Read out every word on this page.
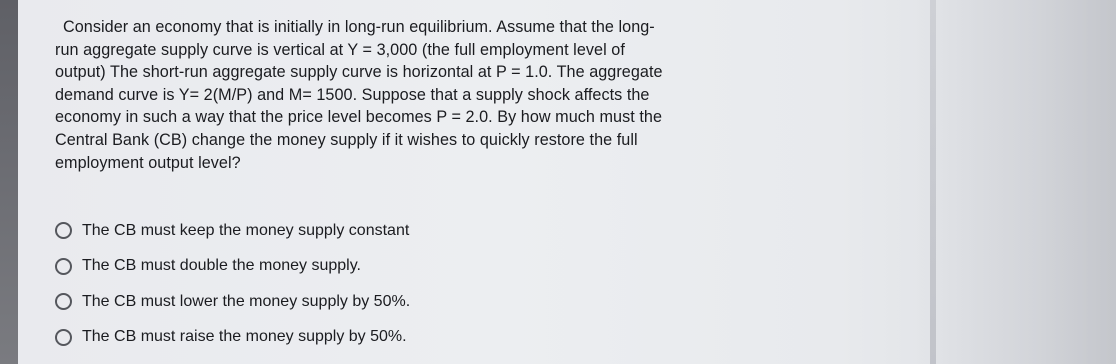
Consider an economy that is initially in long-run equilibrium. Assume that the long-
run aggregate supply curve is vertical at Y = 3,000 (the full employment level of
output) The short-run aggregate supply curve is horizontal at P = 1.0. The aggregate
demand curve is Y= 2(M/P) and M= 1500. Suppose that a supply shock affects the
economy in such a way that the price level becomes P = 2.0. By how much must the
Central Bank (CB) change the money supply if it wishes to quickly restore the full
employment output level?
The CB must keep the money supply constant
The CB must double the money supply.
The CB must lower the money supply by 50%.
The CB must raise the money supply by 50%.
